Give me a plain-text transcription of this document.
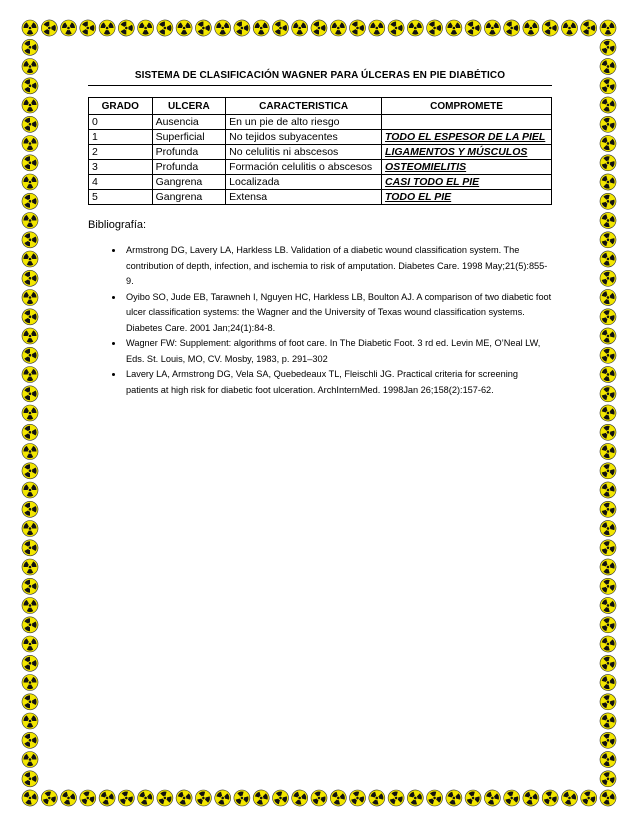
SISTEMA DE CLASIFICACIÓN WAGNER PARA ÚLCERAS EN PIE DIABÉTICO
GRADO	ULCERA	CARACTERISTICA	COMPROMETE
0	Ausencia	En un pie de alto riesgo	
1	Superficial	No tejidos subyacentes	TODO EL ESPESOR DE LA PIEL
2	Profunda	No celulitis ni abscesos	LIGAMENTOS Y MÚSCULOS
3	Profunda	Formación celulitis o abscesos	OSTEOMIELITIS
4	Gangrena	Localizada	CASI TODO EL PIE
5	Gangrena	Extensa	TODO EL PIE
Bibliografía:
• Armstrong DG, Lavery LA, Harkless LB. Validation of a diabetic wound classification system. The contribution of depth, infection, and ischemia to risk of amputation. Diabetes Care. 1998 May;21(5):855-9.
• Oyibo SO, Jude EB, Tarawneh I, Nguyen HC, Harkless LB, Boulton AJ. A comparison of two diabetic foot ulcer classification systems: the Wagner and the University of Texas wound classification systems. Diabetes Care. 2001 Jan;24(1):84-8.
• Wagner FW: Supplement: algorithms of foot care. In The Diabetic Foot. 3 rd ed. Levin ME, O’Neal LW, Eds. St. Louis, MO, CV. Mosby, 1983, p. 291–302
• Lavery LA, Armstrong DG, Vela SA, Quebedeaux TL, Fleischli JG. Practical criteria for screening patients at high risk for diabetic foot ulceration. ArchInternMed. 1998Jan 26;158(2):157-62.
